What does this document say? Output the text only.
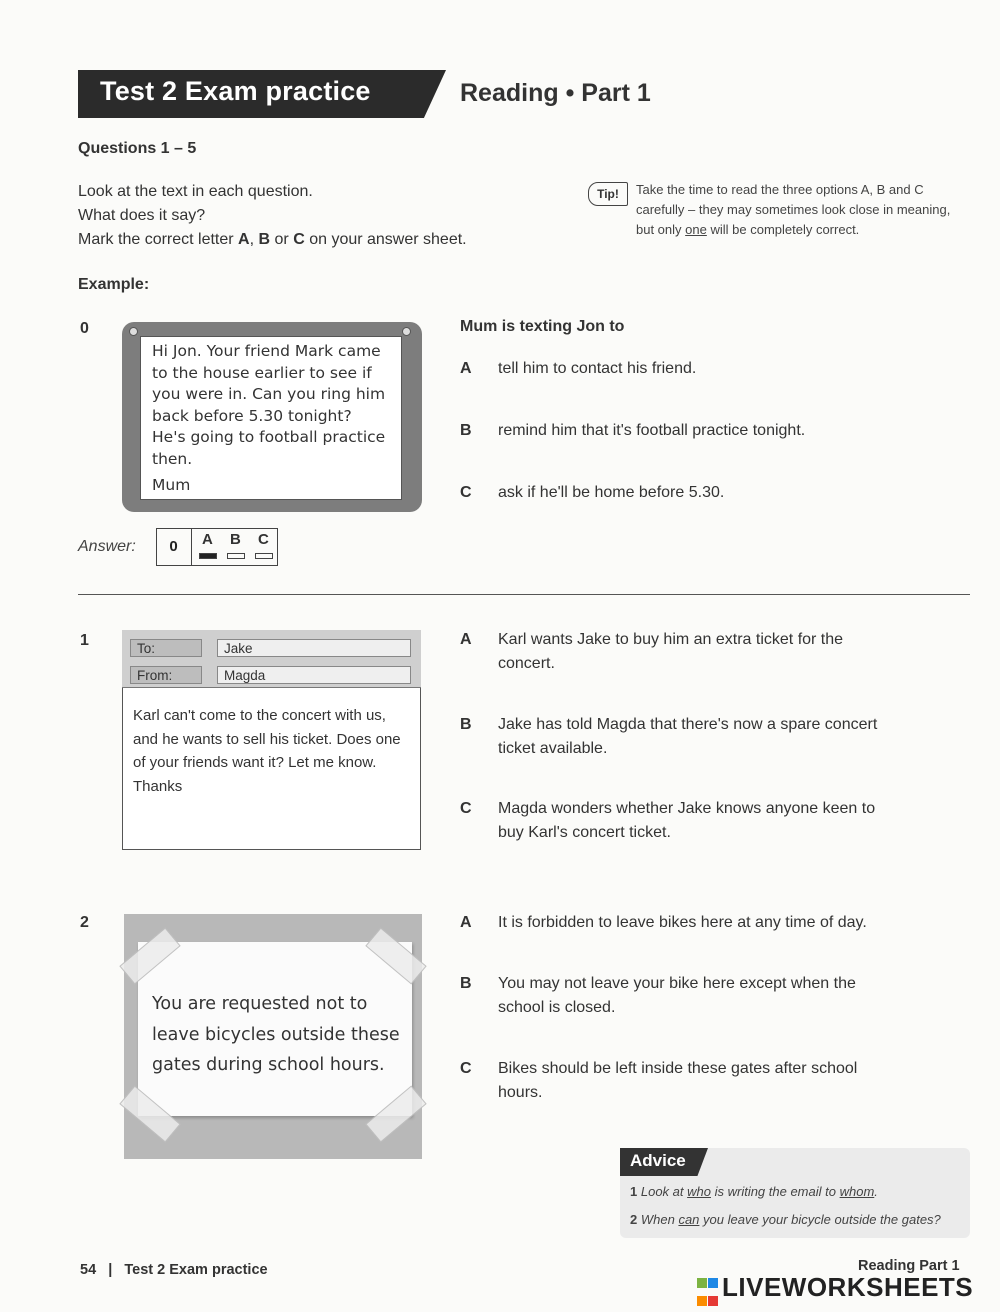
Test 2 Exam practice	Reading • Part 1
Questions 1 – 5
Look at the text in each question.
What does it say?
Mark the correct letter A, B or C on your answer sheet.
Tip!	Take the time to read the three options A, B and C carefully – they may sometimes look close in meaning, but only one will be completely correct.
Example:
0
Hi Jon. Your friend Mark came to the house earlier to see if you were in. Can you ring him back before 5.30 tonight? He's going to football practice then.
Mum
Mum is texting Jon to
A tell him to contact his friend.
B remind him that it's football practice tonight.
C ask if he'll be home before 5.30.
Answer:	0	A B C
1	To:	Jake
From:	Magda
Karl can't come to the concert with us, and he wants to sell his ticket. Does one of your friends want it? Let me know.
Thanks
A Karl wants Jake to buy him an extra ticket for the
concert.
B Jake has told Magda that there's now a spare concert
ticket available.
C Magda wonders whether Jake knows anyone keen to
buy Karl's concert ticket.
2
You are requested not to
leave bicycles outside these
gates during school hours.
A It is forbidden to leave bikes here at any time of day.
B You may not leave your bike here except when the
school is closed.
C Bikes should be left inside these gates after school
hours.
Advice
1 Look at who is writing the email to whom.
2 When can you leave your bicycle outside the gates?
54 | Test 2 Exam practice	Reading Part 1
LIVEWORKSHEETS
